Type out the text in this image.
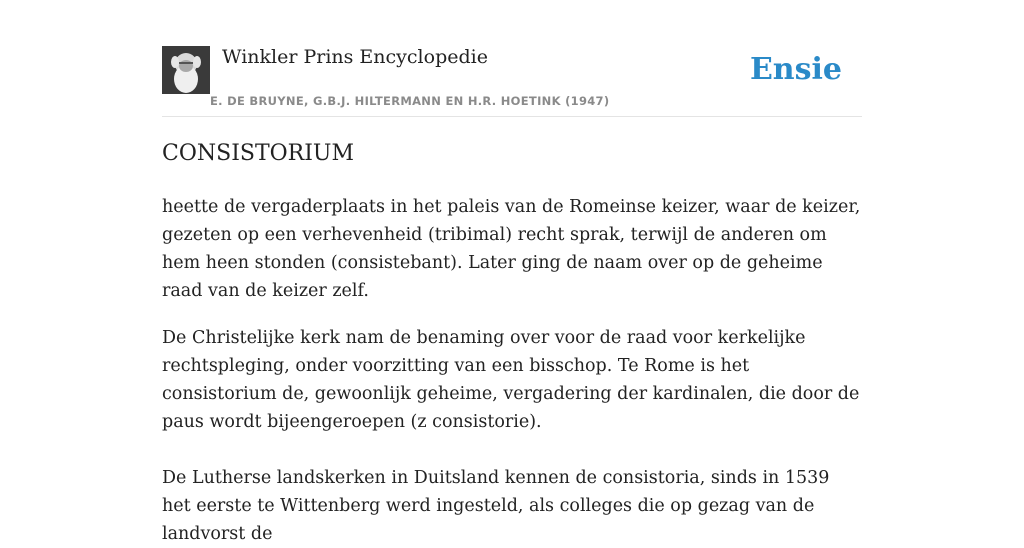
Winkler Prins Encyclopedie
E. DE BRUYNE, G.B.J. HILTERMANN EN H.R. HOETINK (1947)
Ensie
CONSISTORIUM

heette de vergaderplaats in het paleis van de Romeinse keizer, waar de keizer, gezeten op een verhevenheid (tribimal) recht sprak, terwijl de anderen om hem heen stonden (consistebant). Later ging de naam over op de geheime raad van de keizer zelf.

De Christelijke kerk nam de benaming over voor de raad voor kerkelijke rechtspleging, onder voorzitting van een bisschop. Te Rome is het consistorium de, gewoonlijk geheime, vergadering der kardinalen, die door de paus wordt bijeengeroepen (z consistorie).

De Lutherse landskerken in Duitsland kennen de consistoria, sinds in 1539 het eerste te Wittenberg werd ingesteld, als colleges die op gezag van de landvorst de
